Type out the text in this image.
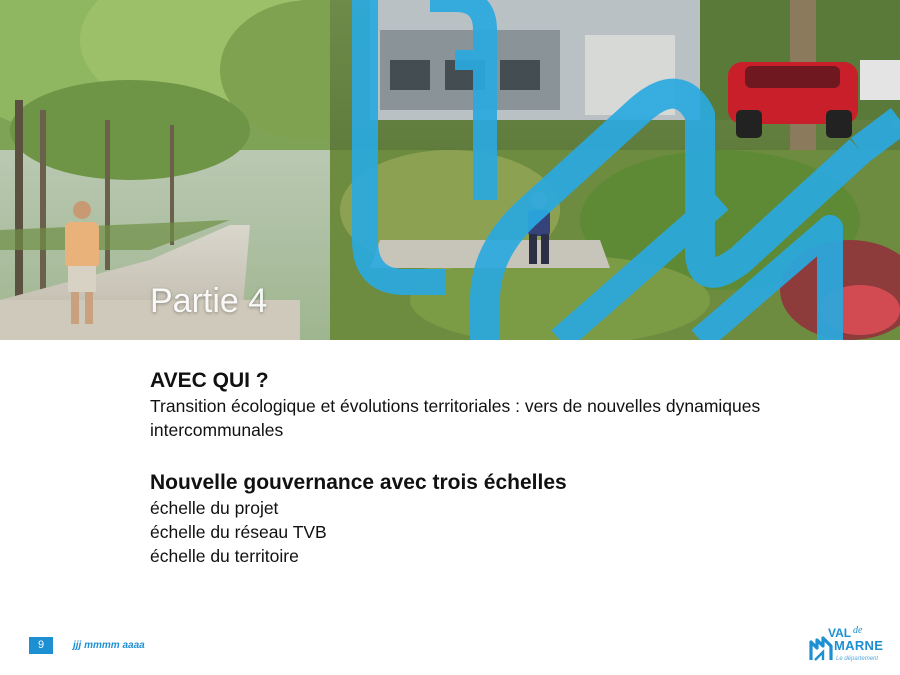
Partie 4

AVEC QUI ?

Transition écologique et évolutions territoriales : vers de nouvelles dynamiques intercommunales

Nouvelle gouvernance avec trois échelles

échelle du projet

échelle du réseau TVB

échelle du territoire

9	jjj mmmm aaaa
VAL de
MARNE
Le département
